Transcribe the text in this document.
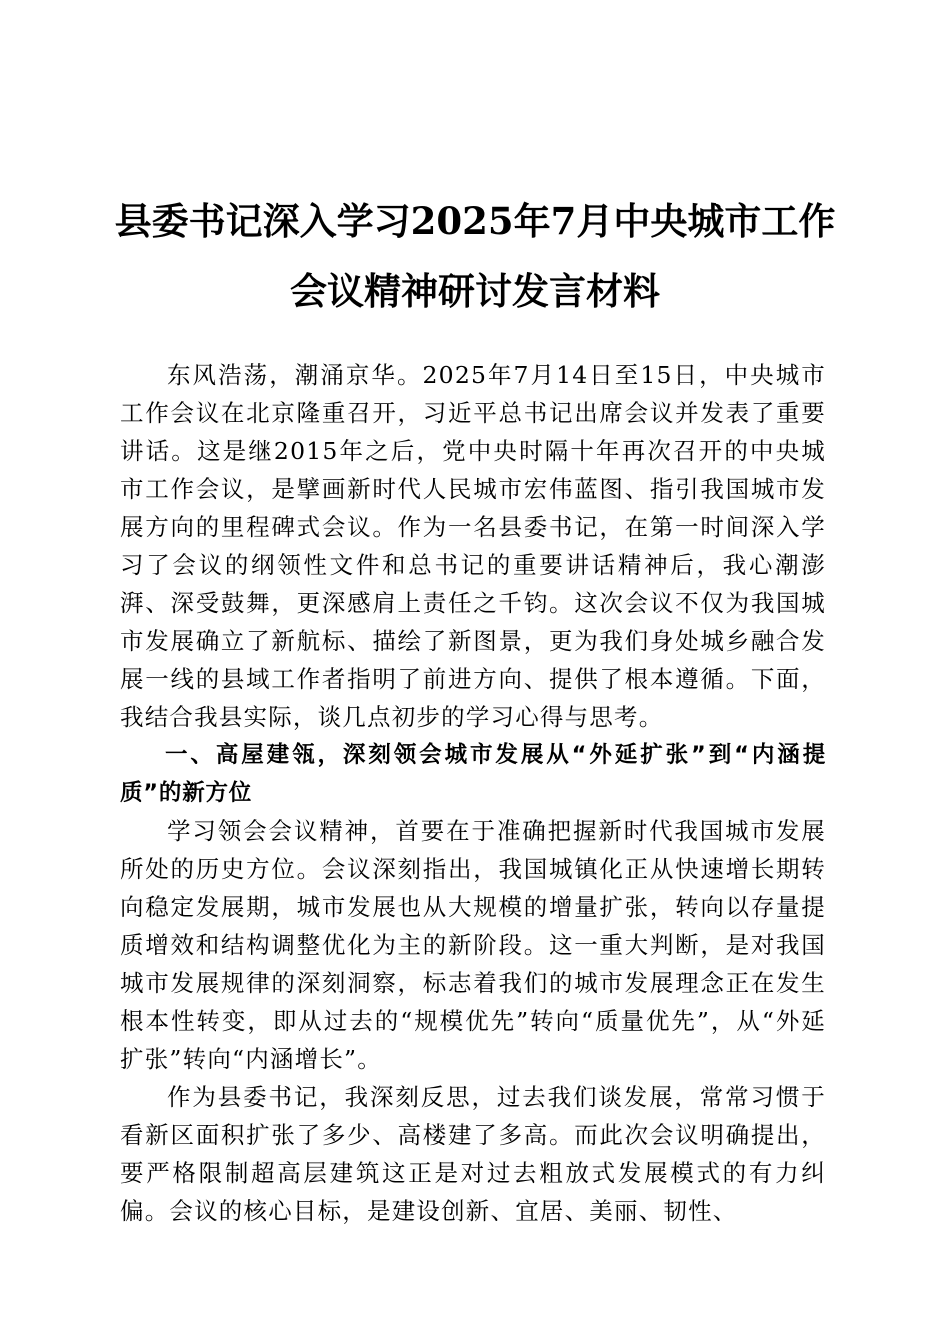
县委书记深入学习2025年7月中央城市工作
会议精神研讨发言材料

东风浩荡，潮涌京华。2025年7月14日至15日，中央城市工作会议在北京隆重召开，习近平总书记出席会议并发表了重要讲话。这是继2015年之后，党中央时隔十年再次召开的中央城市工作会议，是擘画新时代人民城市宏伟蓝图、指引我国城市发展方向的里程碑式会议。作为一名县委书记，在第一时间深入学习了会议的纲领性文件和总书记的重要讲话精神后，我心潮澎湃、深受鼓舞，更深感肩上责任之千钧。这次会议不仅为我国城市发展确立了新航标、描绘了新图景，更为我们身处城乡融合发展一线的县域工作者指明了前进方向、提供了根本遵循。下面，我结合我县实际，谈几点初步的学习心得与思考。

一、高屋建瓴，深刻领会城市发展从“外延扩张”到“内涵提质”的新方位

学习领会会议精神，首要在于准确把握新时代我国城市发展所处的历史方位。会议深刻指出，我国城镇化正从快速增长期转向稳定发展期，城市发展也从大规模的增量扩张，转向以存量提质增效和结构调整优化为主的新阶段。这一重大判断，是对我国城市发展规律的深刻洞察，标志着我们的城市发展理念正在发生根本性转变，即从过去的“规模优先”转向“质量优先”，从“外延扩张”转向“内涵增长”。

作为县委书记，我深刻反思，过去我们谈发展，常常习惯于看新区面积扩张了多少、高楼建了多高。而此次会议明确提出，要严格限制超高层建筑这正是对过去粗放式发展模式的有力纠偏。会议的核心目标，是建设创新、宜居、美丽、韧性、
